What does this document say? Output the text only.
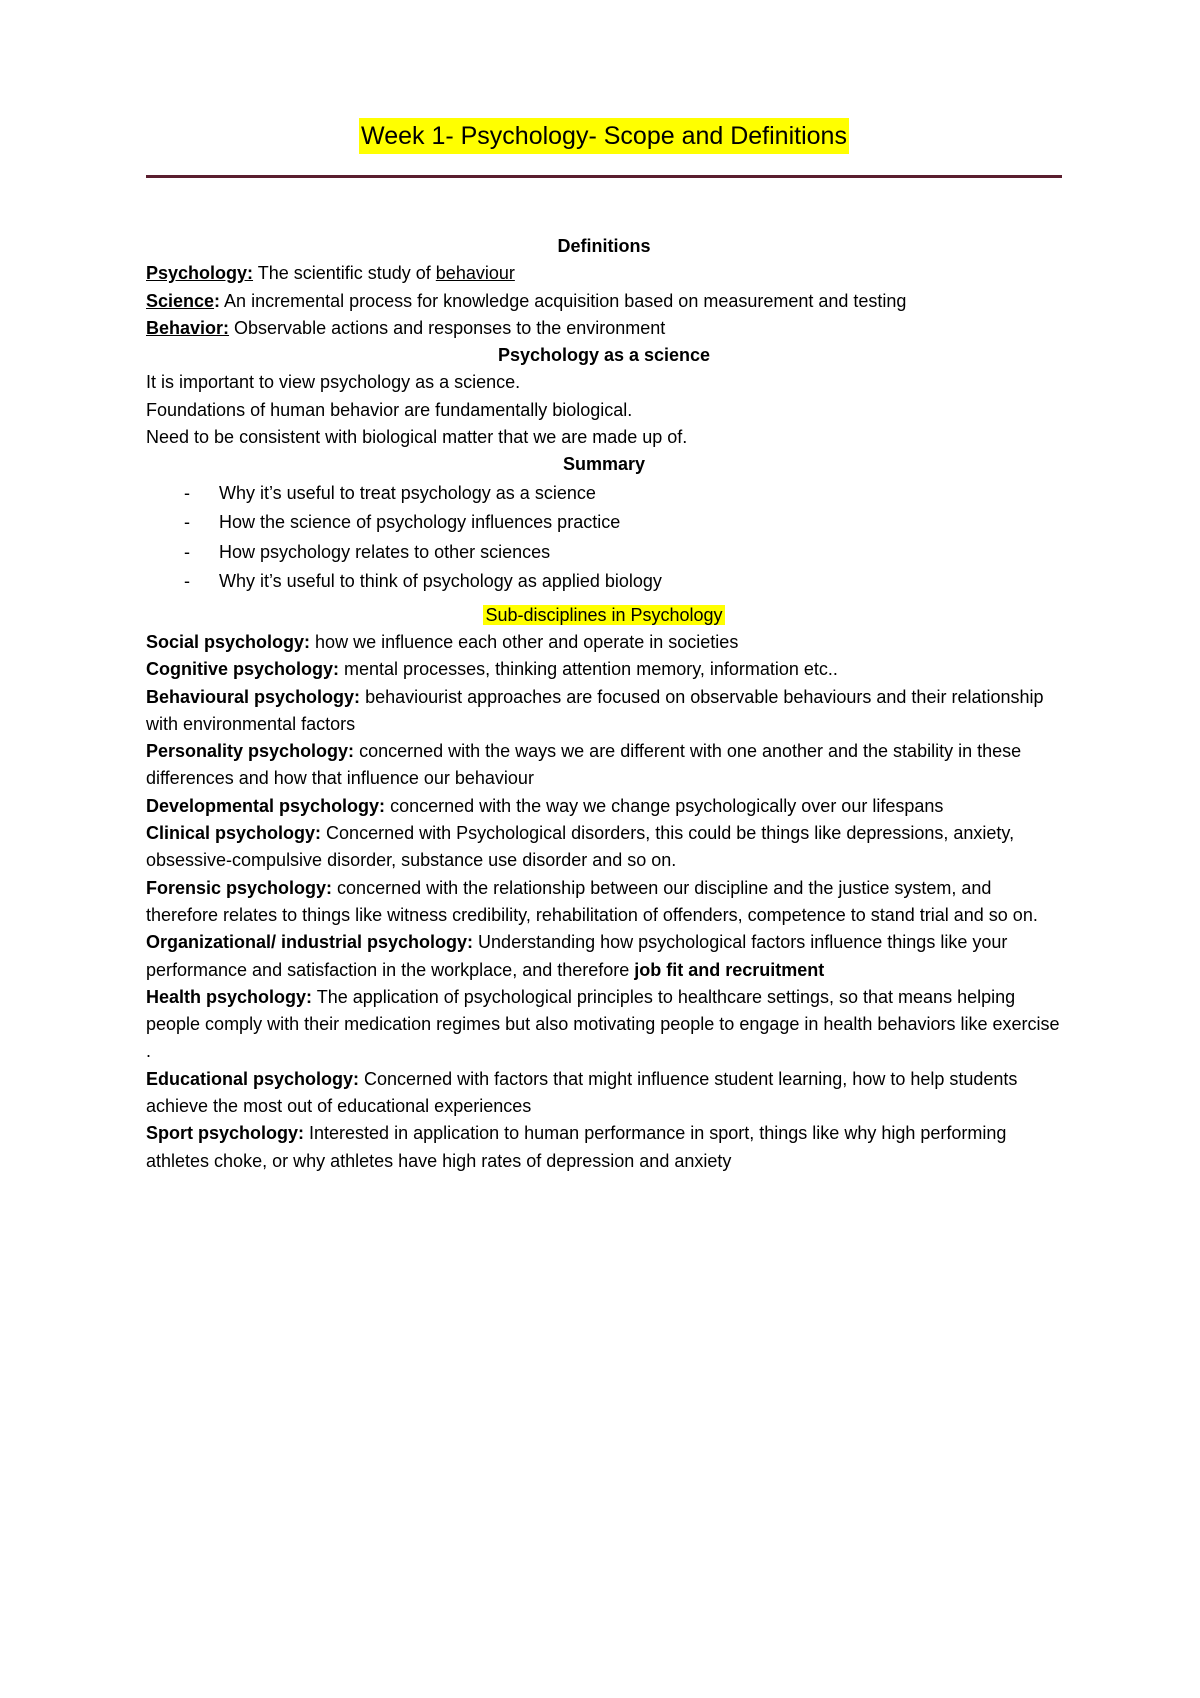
Week 1- Psychology- Scope and Definitions

Definitions

Psychology: The scientific study of behaviour

Science: An incremental process for knowledge acquisition based on measurement and testing

Behavior: Observable actions and responses to the environment

Psychology as a science

It is important to view psychology as a science.

Foundations of human behavior are fundamentally biological.

Need to be consistent with biological matter that we are made up of.

Summary

- Why it’s useful to treat psychology as a science
- How the science of psychology influences practice
- How psychology relates to other sciences
- Why it’s useful to think of psychology as applied biology

Sub-disciplines in Psychology

Social psychology: how we influence each other and operate in societies

Cognitive psychology: mental processes, thinking attention memory, information etc..

Behavioural psychology: behaviourist approaches are focused on observable behaviours and their relationship with environmental factors

Personality psychology: concerned with the ways we are different with one another and the stability in these differences and how that influence our behaviour

Developmental psychology: concerned with the way we change psychologically over our lifespans

Clinical psychology: Concerned with Psychological disorders, this could be things like depressions, anxiety, obsessive-compulsive disorder, substance use disorder and so on.

Forensic psychology: concerned with the relationship between our discipline and the justice system, and therefore relates to things like witness credibility, rehabilitation of offenders, competence to stand trial and so on.

Organizational/ industrial psychology: Understanding how psychological factors influence things like your performance and satisfaction in the workplace, and therefore job fit and recruitment

Health psychology: The application of psychological principles to healthcare settings, so that means helping people comply with their medication regimes but also motivating people to engage in health behaviors like exercise .

Educational psychology: Concerned with factors that might influence student learning, how to help students achieve the most out of educational experiences

Sport psychology: Interested in application to human performance in sport, things like why high performing athletes choke, or why athletes have high rates of depression and anxiety
